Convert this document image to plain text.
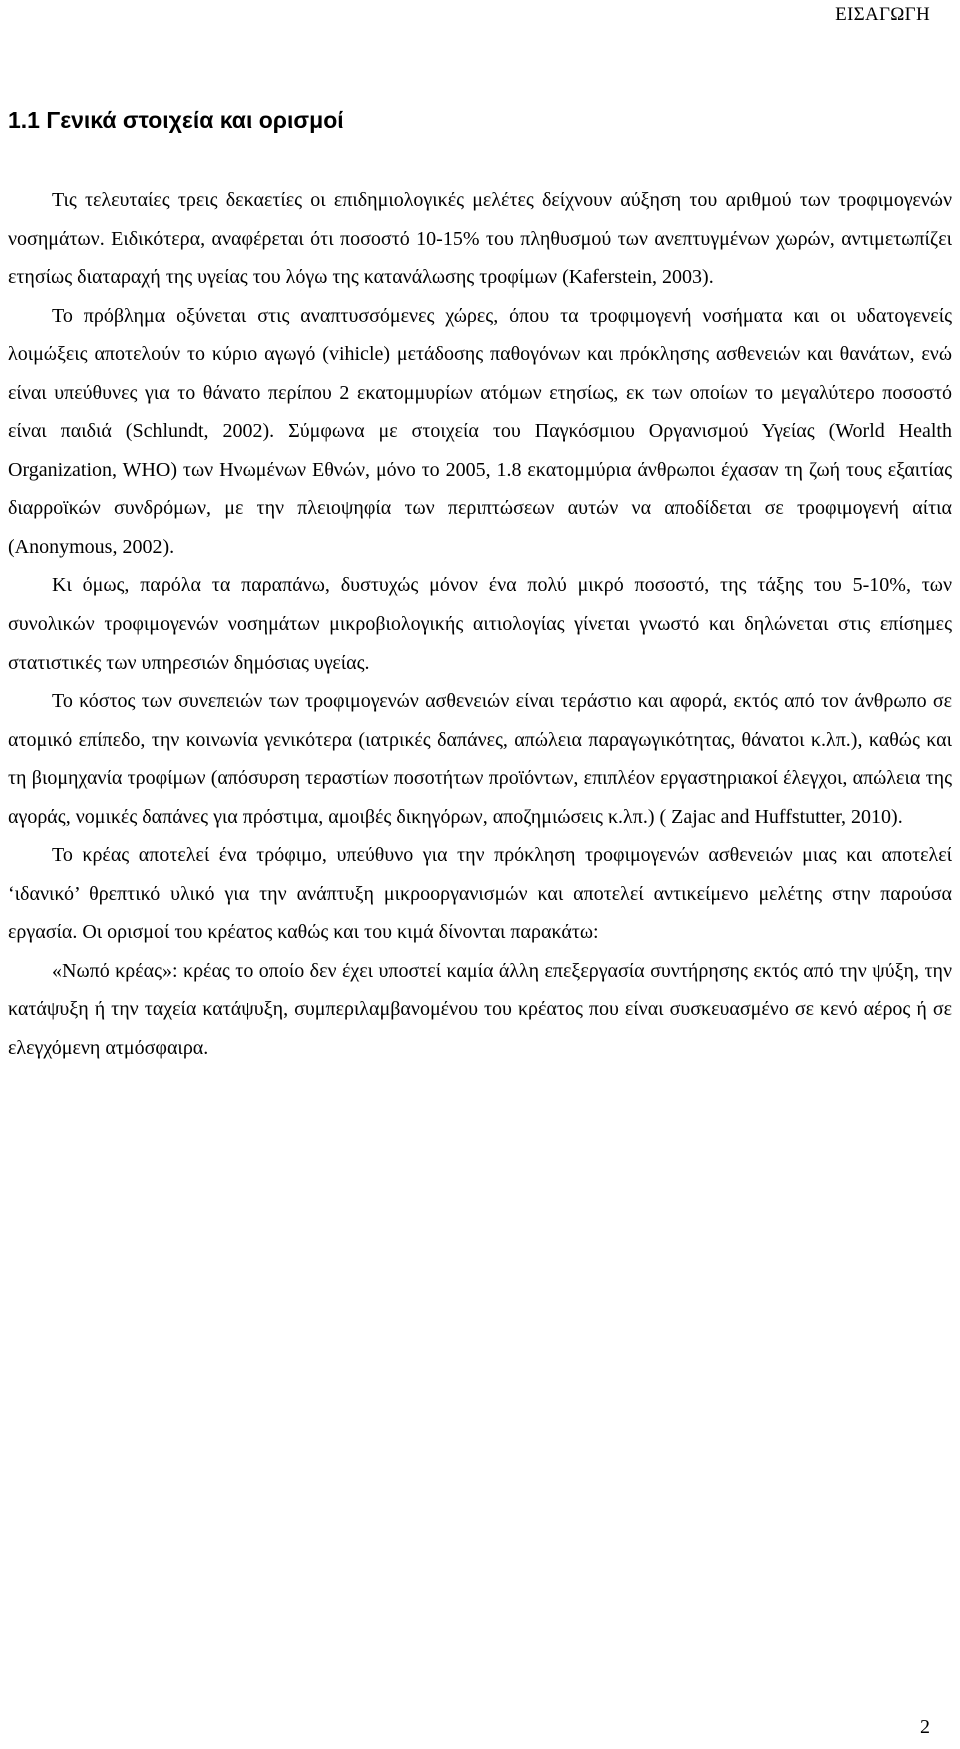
ΕΙΣΑΓΩΓΗ
1.1 Γενικά στοιχεία και ορισμοί

Τις τελευταίες τρεις δεκαετίες οι επιδημιολογικές μελέτες δείχνουν αύξηση του αριθμού των τροφιμογενών νοσημάτων. Ειδικότερα, αναφέρεται ότι ποσοστό 10-15% του πληθυσμού των ανεπτυγμένων χωρών, αντιμετωπίζει ετησίως διαταραχή της υγείας του λόγω της κατανάλωσης τροφίμων (Kaferstein, 2003).

Το πρόβλημα οξύνεται στις αναπτυσσόμενες χώρες, όπου τα τροφιμογενή νοσήματα και οι υδατογενείς λοιμώξεις αποτελούν το κύριο αγωγό (vihicle) μετάδοσης παθογόνων και πρόκλησης ασθενειών και θανάτων, ενώ είναι υπεύθυνες για το θάνατο περίπου 2 εκατομμυρίων ατόμων ετησίως, εκ των οποίων το μεγαλύτερο ποσοστό είναι παιδιά (Schlundt, 2002). Σύμφωνα με στοιχεία του Παγκόσμιου Οργανισμού Υγείας (World Health Organization, WHO) των Ηνωμένων Εθνών, μόνο το 2005, 1.8 εκατομμύρια άνθρωποι έχασαν τη ζωή τους εξαιτίας διαρροϊκών συνδρόμων, με την πλειοψηφία των περιπτώσεων αυτών να αποδίδεται σε τροφιμογενή αίτια (Anonymous, 2002).

Κι όμως, παρόλα τα παραπάνω, δυστυχώς μόνον ένα πολύ μικρό ποσοστό, της τάξης του 5-10%, των συνολικών τροφιμογενών νοσημάτων μικροβιολογικής αιτιολογίας γίνεται γνωστό και δηλώνεται στις επίσημες στατιστικές των υπηρεσιών δημόσιας υγείας.

Το κόστος των συνεπειών των τροφιμογενών ασθενειών είναι τεράστιο και αφορά, εκτός από τον άνθρωπο σε ατομικό επίπεδο, την κοινωνία γενικότερα (ιατρικές δαπάνες, απώλεια παραγωγικότητας, θάνατοι κ.λπ.), καθώς και τη βιομηχανία τροφίμων (απόσυρση τεραστίων ποσοτήτων προϊόντων, επιπλέον εργαστηριακοί έλεγχοι, απώλεια της αγοράς, νομικές δαπάνες για πρόστιμα, αμοιβές δικηγόρων, αποζημιώσεις κ.λπ.) ( Zajac and Huffstutter, 2010).

Το κρέας αποτελεί ένα τρόφιμο, υπεύθυνο για την πρόκληση τροφιμογενών ασθενειών μιας και αποτελεί ‘ιδανικό’ θρεπτικό υλικό για την ανάπτυξη μικροοργανισμών και αποτελεί αντικείμενο μελέτης στην παρούσα εργασία. Οι ορισμοί του κρέατος καθώς και του κιμά δίνονται παρακάτω:

«Νωπό κρέας»: κρέας το οποίο δεν έχει υποστεί καμία άλλη επεξεργασία συντήρησης εκτός από την ψύξη, την κατάψυξη ή την ταχεία κατάψυξη, συμπεριλαμβανομένου του κρέατος που είναι συσκευασμένο σε κενό αέρος ή σε ελεγχόμενη ατμόσφαιρα.

2
